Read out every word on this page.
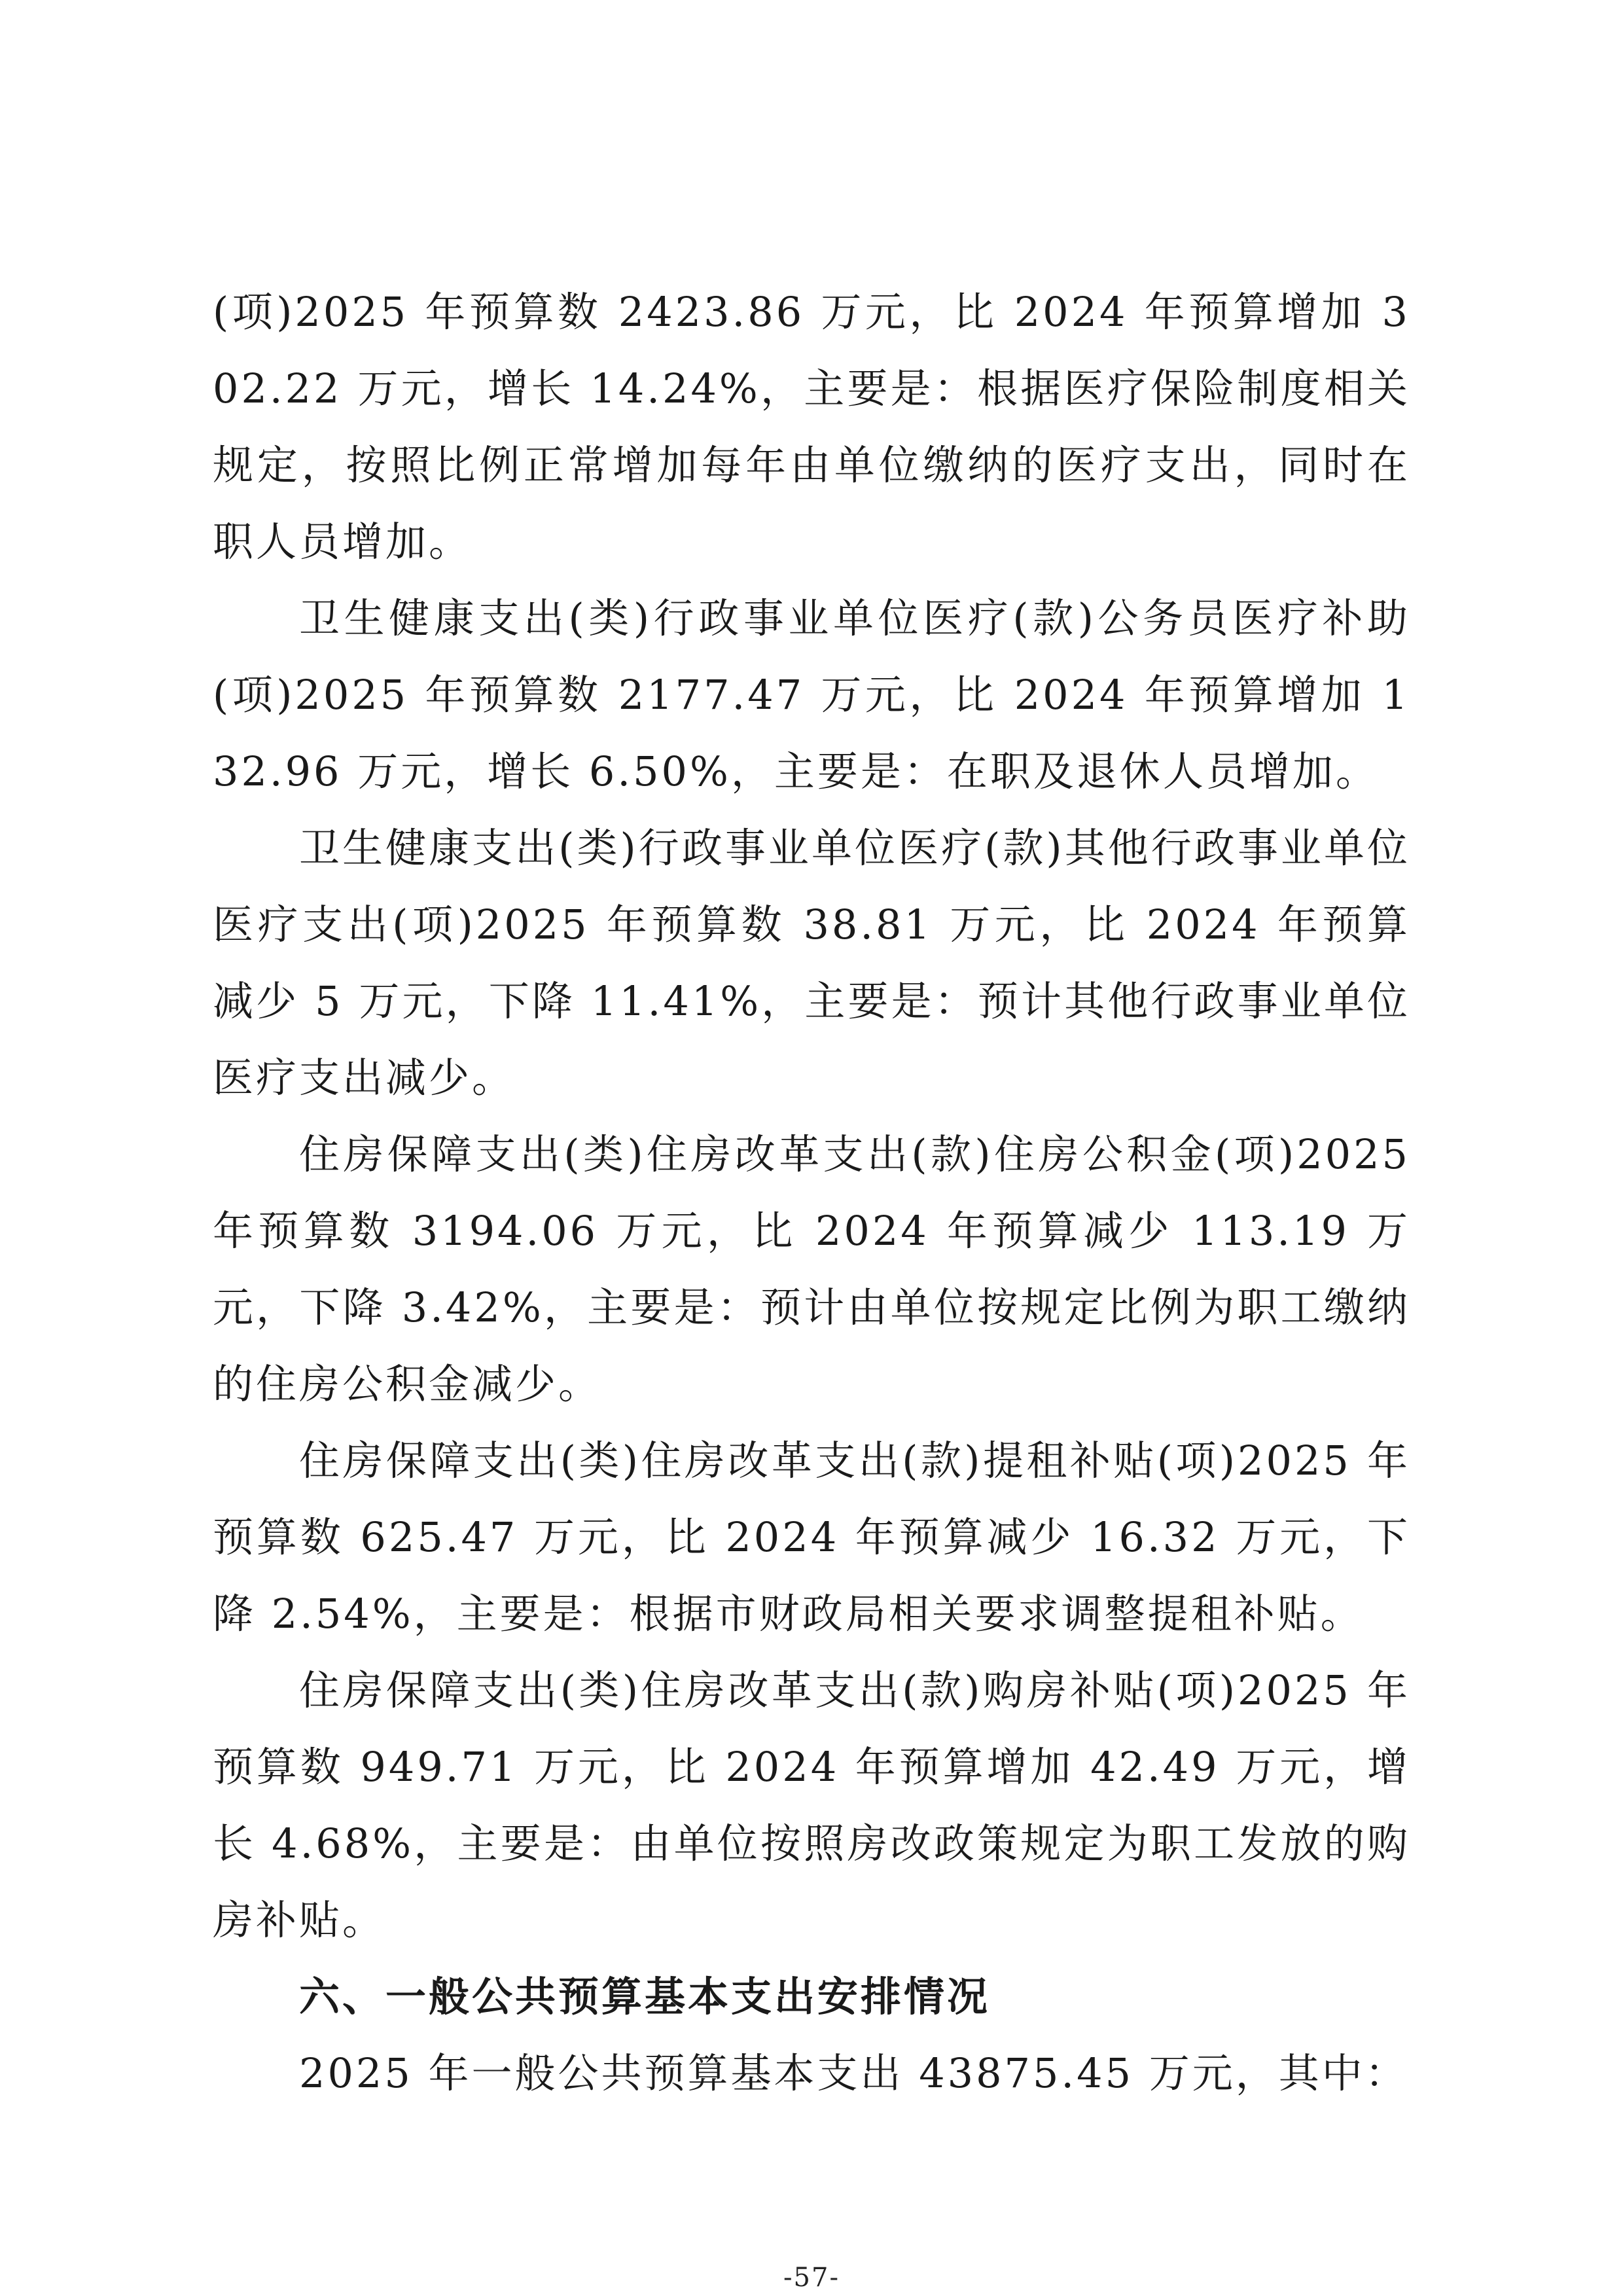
(项)2025 年预算数 2423.86 万元，比 2024 年预算增加 302.22 万元，增长 14.24%，主要是：根据医疗保险制度相关规定，按照比例正常增加每年由单位缴纳的医疗支出，同时在职人员增加。

卫生健康支出(类)行政事业单位医疗(款)公务员医疗补助(项)2025 年预算数 2177.47 万元，比 2024 年预算增加 132.96 万元，增长 6.50%，主要是：在职及退休人员增加。

卫生健康支出(类)行政事业单位医疗(款)其他行政事业单位医疗支出(项)2025 年预算数 38.81 万元，比 2024 年预算减少 5 万元，下降 11.41%，主要是：预计其他行政事业单位医疗支出减少。

住房保障支出(类)住房改革支出(款)住房公积金(项)2025 年预算数 3194.06 万元，比 2024 年预算减少 113.19 万元，下降 3.42%，主要是：预计由单位按规定比例为职工缴纳的住房公积金减少。

住房保障支出(类)住房改革支出(款)提租补贴(项)2025 年预算数 625.47 万元，比 2024 年预算减少 16.32 万元，下降 2.54%，主要是：根据市财政局相关要求调整提租补贴。

住房保障支出(类)住房改革支出(款)购房补贴(项)2025 年预算数 949.71 万元，比 2024 年预算增加 42.49 万元，增长 4.68%，主要是：由单位按照房改政策规定为职工发放的购房补贴。

六、一般公共预算基本支出安排情况

2025 年一般公共预算基本支出 43875.45 万元，其中：

-57-
